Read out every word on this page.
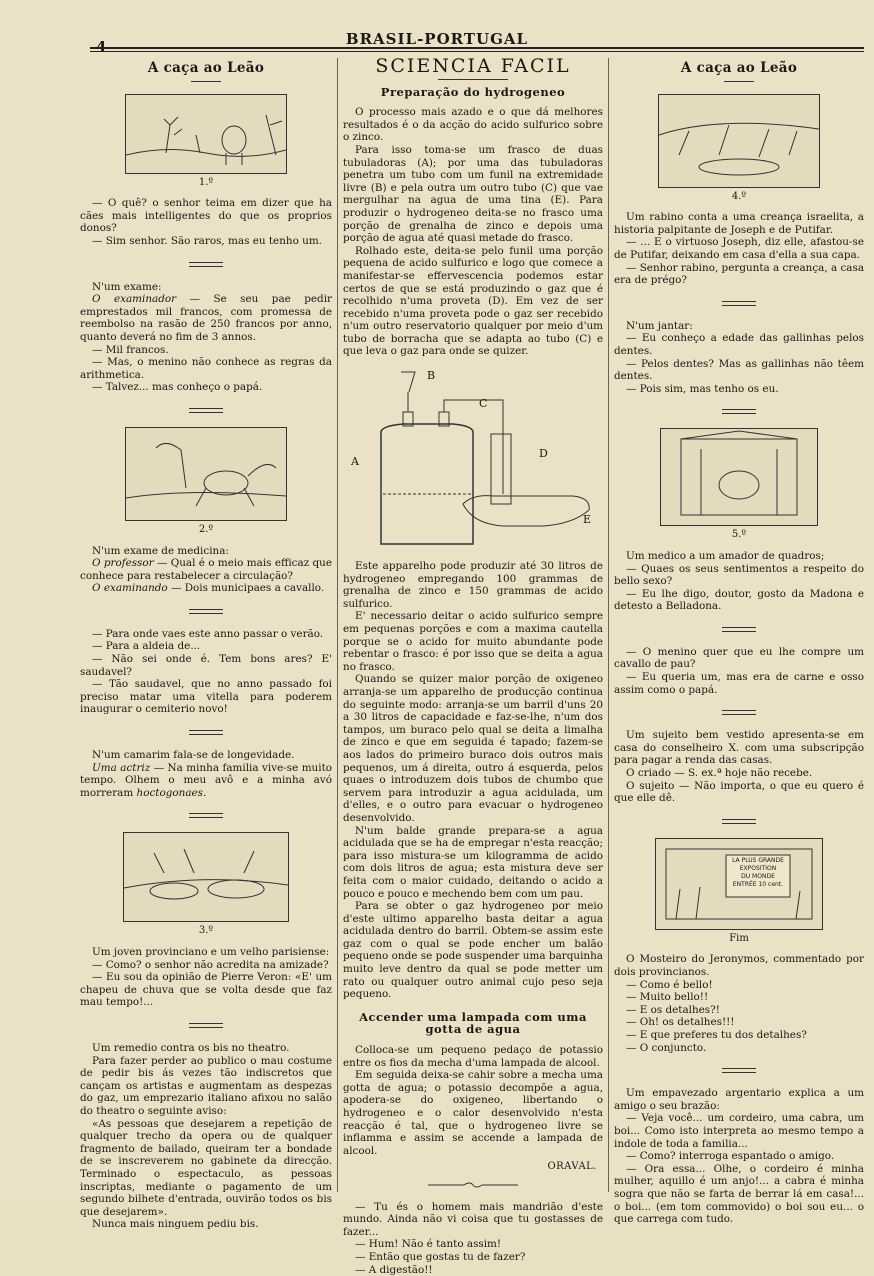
4	BRASIL-PORTUGAL
A caça ao Leão
1.º

— O quê? o senhor teima em dizer que ha cães mais intelligentes do que os proprios donos?

— Sim senhor. São raros, mas eu tenho um.

N'um exame:

O examinador — Se seu pae pedir emprestados mil francos, com promessa de reembolso na rasão de 250 francos por anno, quanto deverá no fim de 3 annos.

— Mil francos.

— Mas, o menino não conhece as regras da arithmetica.

— Talvez... mas conheço o papá.

2.º

N'um exame de medicina:

O professor — Qual é o meio mais efficaz que conhece para restabelecer a circulação?

O examinando — Dois municipaes a cavallo.

— Para onde vaes este anno passar o verão.

— Para a aldeia de...

— Não sei onde é. Tem bons ares? E' saudavel?

— Tão saudavel, que no anno passado foi preciso matar uma vitella para poderem inaugurar o cemiterio novo!

N'um camarim fala-se de longevidade.

Uma actriz — Na minha familia vive-se muito tempo. Olhem o meu avô e a minha avó morreram hoctogonaes.

3.º

Um joven provinciano e um velho parisiense:

— Como? o senhor não acredita na amizade?

— Eu sou da opinião de Pierre Veron: «E' um chapeu de chuva que se volta desde que faz mau tempo!...

Um remedio contra os bis no theatro.

Para fazer perder ao publico o mau costume de pedir bis ás vezes tão indiscretos que cançam os artistas e augmentam as despezas do gaz, um emprezario italiano afixou no salão do theatro o seguinte aviso:

«As pessoas que desejarem a repetição de qualquer trecho da opera ou de qualquer fragmento de bailado, queiram ter a bondade de se inscreverem no gabinete da direcção. Terminado o espectaculo, as pessoas inscriptas, mediante o pagamento de um segundo bilhete d'entrada, ouvirão todos os bis que desejarem».

Nunca mais ninguem pediu bis.

SCIENCIA FACIL
Preparação do hydrogeneo

O processo mais azado e o que dá melhores resultados é o da acção do acido sulfurico sobre o zinco.

Para isso toma-se um frasco de duas tubuladoras (A); por uma das tubuladoras penetra um tubo com um funil na extremidade livre (B) e pela outra um outro tubo (C) que vae mergulhar na agua de uma tina (E). Para produzir o hydrogeneo deita-se no frasco uma porção de grenalha de zinco e depois uma porção de agua até quasi metade do frasco.

Rolhado este, deita-se pelo funil uma porção pequena de acido sulfurico e logo que comece a manifestar-se effervescencia podemos estar certos de que se está produzindo o gaz que é recolhido n'uma proveta (D). Em vez de ser recebido n'uma proveta pode o gaz ser recebido n'um outro reservatorio qualquer por meio d'um tubo de borracha que se adapta ao tubo (C) e que leva o gaz para onde se quizer.

A
B
C
D
E

Este apparelho pode produzir até 30 litros de hydrogeneo empregando 100 grammas de grenalha de zinco e 150 grammas de acido sulfurico.

E' necessario deitar o acido sulfurico sempre em pequenas porções e com a maxima cautella porque se o acido for muito abundante pode rebentar o frasco: é por isso que se deita a agua no frasco.

Quando se quizer maior porção de oxigeneo arranja-se um apparelho de producção continua do seguinte modo: arranja-se um barril d'uns 20 a 30 litros de capacidade e faz-se-lhe, n'um dos tampos, um buraco pelo qual se deita a limalha de zinco e que em seguida é tapado; fazem-se aos lados do primeiro buraco dois outros mais pequenos, um á direita, outro á esquerda, pelos quaes o introduzem dois tubos de chumbo que servem para introduzir a agua acidulada, um d'elles, e o outro para evacuar o hydrogeneo desenvolvido.

N'um balde grande prepara-se a agua acidulada que se ha de empregar n'esta reacção; para isso mistura-se um kilogramma de acido com dois litros de agua; esta mistura deve ser feita com o maior cuidado, deitando o acido a pouco e pouco e mechendo bem com um pau.

Para se obter o gaz hydrogeneo por meio d'este ultimo apparelho basta deitar a agua acidulada dentro do barril. Obtem-se assim este gaz com o qual se pode encher um balão pequeno onde se pode suspender uma barquinha muito leve dentro da qual se pode metter um rato ou qualquer outro animal cujo peso seja pequeno.

Accender uma lampada com uma gotta de agua

Colloca-se um pequeno pedaço de potassio entre os fios da mecha d'uma lampada de alcool.

Em seguida deixa-se cahir sobre a mecha uma gotta de agua; o potassio decompõe a agua, apodera-se do oxigeneo, libertando o hydrogeneo e o calor desenvolvido n'esta reacção é tal, que o hydrogeneo livre se inflamma e assim se accende a lampada de alcool.

ORAVAL.

— Tu és o homem mais mandrião d'este mundo. Ainda não vi coisa que tu gostasses de fazer...

— Hum! Não é tanto assim!

— Então que gostas tu de fazer?

— A digestão!!

A caça ao Leão
4.º

Um rabino conta a uma creança israelita, a historia palpitante de Joseph e de Putifar.

— ... E o virtuoso Joseph, diz elle, afastou-se de Putifar, deixando em casa d'ella a sua capa.

— Senhor rabino, pergunta a creança, a casa era de prégo?

N'um jantar:

— Eu conheço a edade das gallinhas pelos dentes.

— Pelos dentes? Mas as gallinhas não têem dentes.

— Pois sim, mas tenho os eu.

5.º

Um medico a um amador de quadros;

— Quaes os seus sentimentos a respeito do bello sexo?

— Eu lhe digo, doutor, gosto da Madona e detesto a Belladona.

— O menino quer que eu lhe compre um cavallo de pau?

— Eu queria um, mas era de carne e osso assim como o papá.

Um sujeito bem vestido apresenta-se em casa do conselheiro X. com uma subscripção para pagar a renda das casas.

O criado — S. ex.ª hoje não recebe.

O sujeito — Não importa, o que eu quero é que elle dê.

LA PLUS GRANDE
EXPOSITION
DU MONDE
ENTRÉE 10 cent.
Fim

O Mosteiro do Jeronymos, commentado por dois provincianos.

— Como é bello!

— Muito bello!!

— E os detalhes?!

— Oh! os detalhes!!!

— E que preferes tu dos detalhes?

— O conjuncto.

Um empavezado argentario explica a um amigo o seu brazão:

— Veja você... um cordeiro, uma cabra, um boi... Como isto interpreta ao mesmo tempo a indole de toda a familia...

— Como? interroga espantado o amigo.

— Ora essa... Olhe, o cordeiro é minha mulher, aquillo é um anjo!... a cabra é minha sogra que não se farta de berrar lá em casa!... o boi... (em tom commovido) o boi sou eu... o que carrega com tudo.
